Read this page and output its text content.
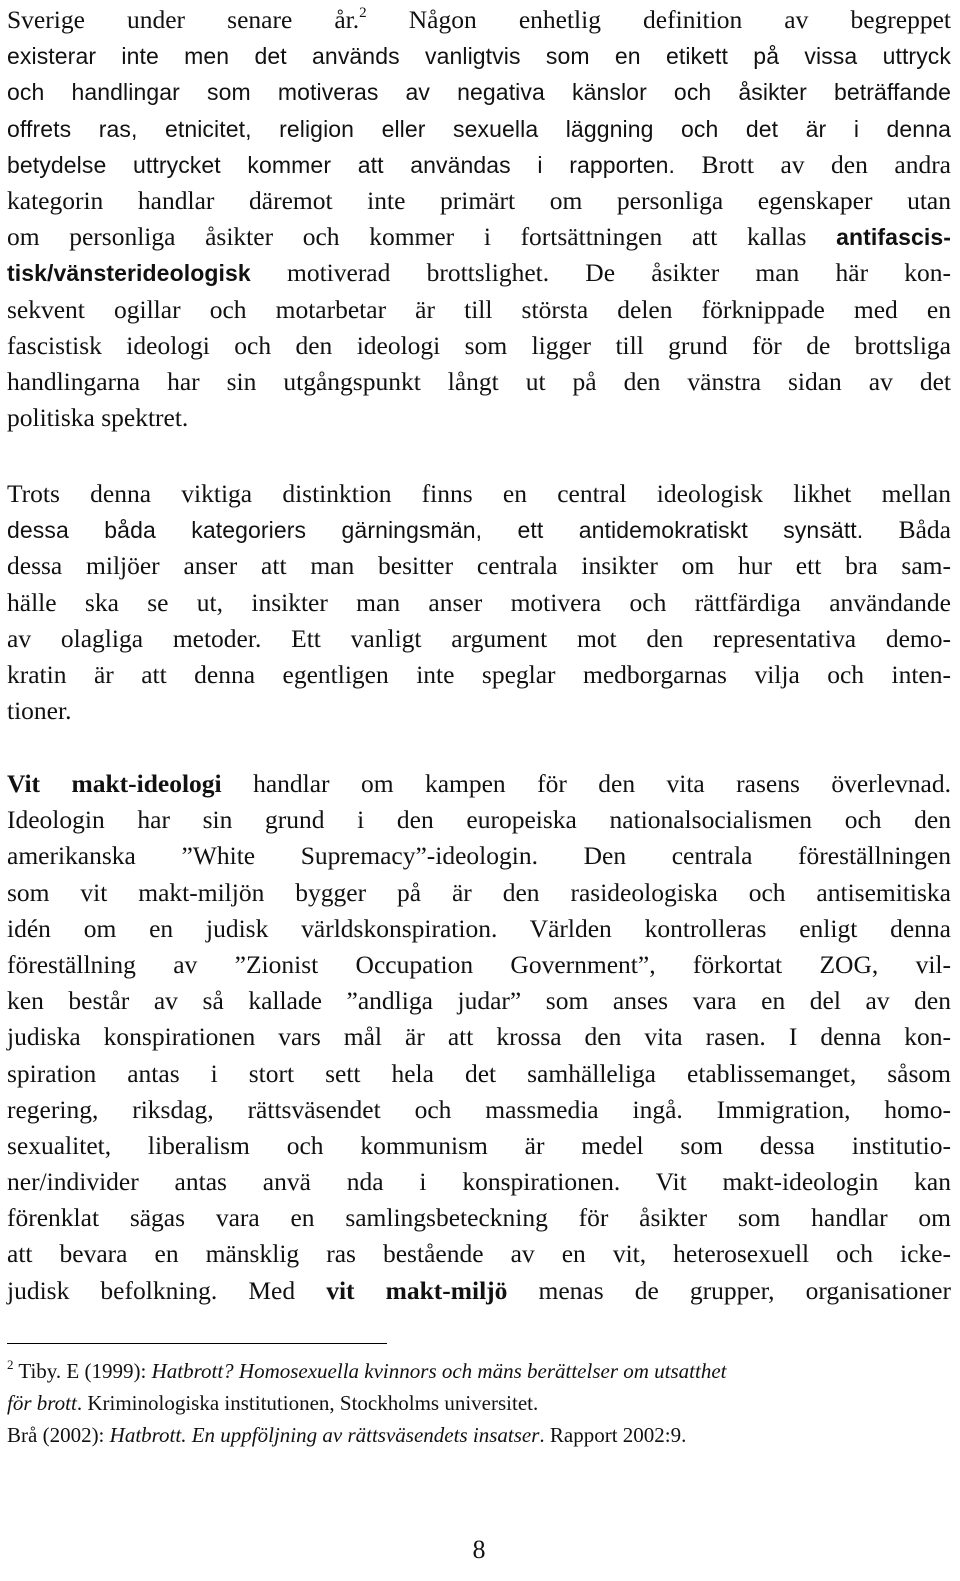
Sverige under senare år.$^2$ Någon enhetlig definition av begreppet
existerar inte men det används vanligtvis som en etikett på vissa uttryck
och handlingar som motiveras av negativa känslor och åsikter beträffande
offrets ras, etnicitet, religion eller sexuella läggning och det är i denna
betydelse uttrycket kommer att användas i rapporten. Brott av den andra
kategorin handlar däremot inte primärt om personliga egenskaper utan
om personliga åsikter och kommer i fortsättningen att kallas antifascis-
tisk/vänsterideologisk motiverad brottslighet. De åsikter man här kon-
sekvent ogillar och motarbetar är till största delen förknippade med en
fascistisk ideologi och den ideologi som ligger till grund för de brottsliga
handlingarna har sin utgångspunkt långt ut på den vänstra sidan av det
politiska spektret.
Trots denna viktiga distinktion finns en central ideologisk likhet mellan
dessa båda kategoriers gärningsmän, ett antidemokratiskt synsätt. Båda
dessa miljöer anser att man besitter centrala insikter om hur ett bra sam-
hälle ska se ut, insikter man anser motivera och rättfärdiga användande
av olagliga metoder. Ett vanligt argument mot den representativa demo-
kratin är att denna egentligen inte speglar medborgarnas vilja och inten-
tioner.
Vit makt-ideologi handlar om kampen för den vita rasens överlevnad.
Ideologin har sin grund i den europeiska nationalsocialismen och den
amerikanska ”White Supremacy”-ideologin. Den centrala föreställningen
som vit makt-miljön bygger på är den rasideologiska och antisemitiska
idén om en judisk världskonspiration. Världen kontrolleras enligt denna
föreställning av ”Zionist Occupation Government”, förkortat ZOG, vil-
ken består av så kallade ”andliga judar” som anses vara en del av den
judiska konspirationen vars mål är att krossa den vita rasen. I denna kon-
spiration antas i stort sett hela det samhälleliga etablissemanget, såsom
regering, riksdag, rättsväsendet och massmedia ingå. Immigration, homo-
sexualitet, liberalism och kommunism är medel som dessa institutio-
ner/individer antas anvä nda i konspirationen. Vit makt-ideologin kan
förenklat sägas vara en samlingsbeteckning för åsikter som handlar om
att bevara en mänsklig ras bestående av en vit, heterosexuell och icke-
judisk befolkning. Med vit makt-miljö menas de grupper, organisationer
$^2$ Tiby. E (1999): Hatbrott? Homosexuella kvinnors och mäns berättelser om utsatthet
för brott. Kriminologiska institutionen, Stockholms universitet.
Brå (2002): Hatbrott. En uppföljning av rättsväsendets insatser. Rapport 2002:9.
8
